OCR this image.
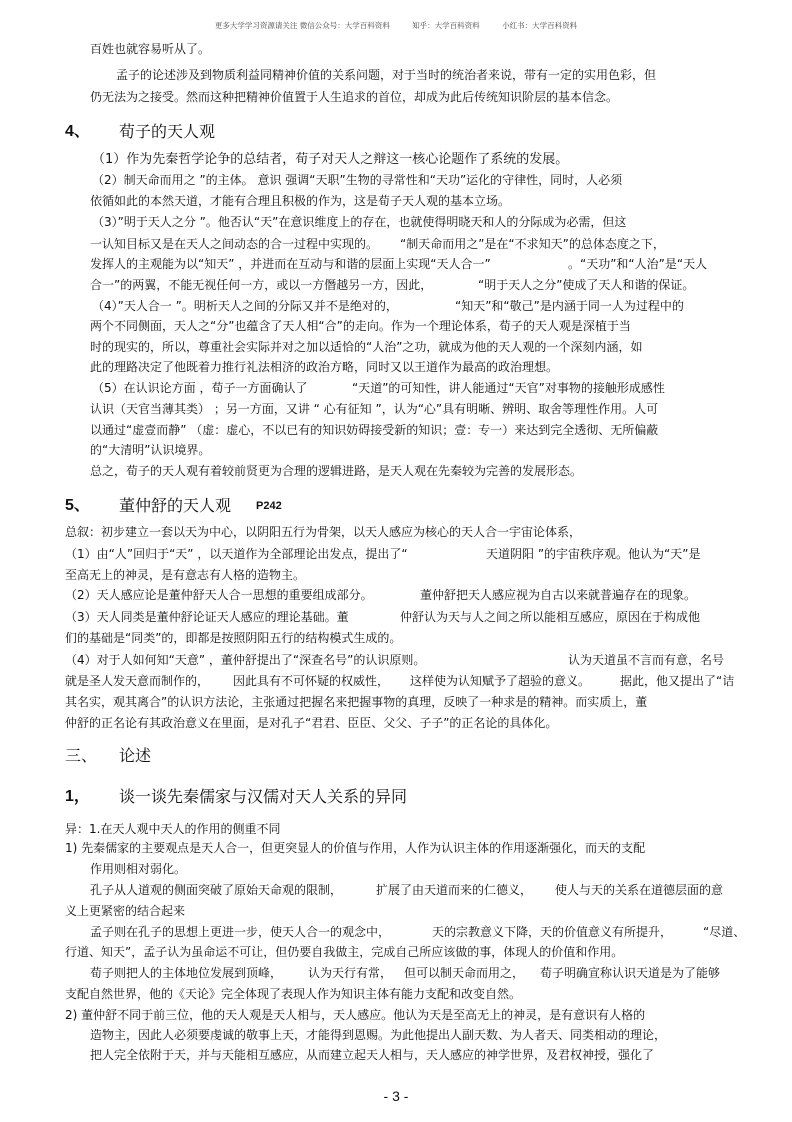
更多大学学习资源请关注 微信公众号：大学百科资料	知乎：大学百科资料	小红书：大学百科资料
百姓也就容易听从了。
孟子的论述涉及到物质利益同精神价值的关系问题，对于当时的统治者来说，带有一定的实用色彩，但
仍无法为之接受。然而这种把精神价值置于人生追求的首位，却成为此后传统知识阶层的基本信念。
4、 荀子的天人观
（1）作为先秦哲学论争的总结者，荀子对天人之辩这一核心论题作了系统的发展。
（2）制天命而用之 ”的主体。 意识 强调“天职”生物的寻常性和“天功”运化的守律性，同时，人必须
依循如此的本然天道，才能有合理且积极的作为，这是荀子天人观的基本立场。
（3）”明于天人之分 ”。他否认“天”在意识维度上的存在，也就使得明晓天和人的分际成为必需，但这
一认知目标又是在天人之间动态的合一过程中实现的。 “制天命而用之”是在“不求知天”的总体态度之下，
发挥人的主观能为以“知天” ，并进而在互动与和谐的层面上实现“天人合一”	。“天功”和“人治”是“天人
合一”的两翼，不能无视任何一方，或以一方僭越另一方，因此，	“明于天人之分”使成了天人和谐的保证。
（4）”天人合一 ”。明析天人之间的分际又并不是绝对的，	“知天”和“敬己”是内涵于同一人为过程中的
两个不同侧面，天人之“分”也蕴含了天人相“合”的走向。作为一个理论体系，荀子的天人观是深植于当
时的现实的，所以，尊重社会实际并对之加以适恰的“人治”之功，就成为他的天人观的一个深刻内涵，如
此的理路决定了他既着力推行礼法相济的政治方略，同时又以王道作为最高的政治理想。
（5）在认识论方面 ，荀子一方面确认了	“天道”的可知性，讲人能通过“天官”对事物的接触形成感性
认识（天官当薄其类） ；另一方面，又讲 “ 心有征知 ”，认为“心”具有明晰、辨明、取舍等理性作用。人可
以通过“虚壹而静” （虚：虚心，不以已有的知识妨碍接受新的知识；壹：专一）来达到完全透彻、无所偏蔽
的“大清明”认识境界。
总之，荀子的天人观有着较前贤更为合理的逻辑进路，是天人观在先秦较为完善的发展形态。
5、 董仲舒的天人观 P242
总叙：初步建立一套以天为中心，以阴阳五行为骨架，以天人感应为核心的天人合一宇宙论体系，
（1）由“人”回归于“天” ，以天道作为全部理论出发点，提出了“	天道阴阳 ”的宇宙秩序观。他认为“天”是
至高无上的神灵，是有意志有人格的造物主。
（2）天人感应论是董仲舒天人合一思想的重要组成部分。	董仲舒把天人感应视为自古以来就普遍存在的现象。
（3）天人同类是董仲舒论证天人感应的理论基础。董	仲舒认为天与人之间之所以能相互感应，原因在于构成他
们的基础是“同类”的，即都是按照阴阳五行的结构模式生成的。
（4）对于人如何知“天意” ，董仲舒提出了“深查名号”的认识原则。	认为天道虽不言而有意，名号
就是圣人发天意而制作的， 因此具有不可怀疑的权威性， 这样使为认知赋予了超验的意义。 据此，他又提出了“诘
其名实，观其离合”的认识方法论，主张通过把握名来把握事物的真理，反映了一种求是的精神。而实质上，董
仲舒的正名论有其政治意义在里面，是对孔子“君君、臣臣、父父、子子”的正名论的具体化。
三、 论述
1， 谈一谈先秦儒家与汉儒对天人关系的异同
异：1.在天人观中天人的作用的侧重不同
1) 先秦儒家的主要观点是天人合一，但更突显人的价值与作用，人作为认识主体的作用逐渐强化，而天的支配
作用则相对弱化。
孔子从人道观的侧面突破了原始天命观的限制，	扩展了由天道而来的仁德义， 使人与天的关系在道德层面的意
义上更紧密的结合起来
孟子则在孔子的思想上更进一步，使天人合一的观念中，	天的宗教意义下降，天的价值意义有所提升，	“尽道、
行道、知天”，孟子认为虽命运不可让，但仍要自我做主，完成自己所应该做的事，体现人的价值和作用。
荀子则把人的主体地位发展到顶峰， 认为天行有常， 但可以制天命而用之， 荀子明确宣称认识天道是为了能够
支配自然世界，他的《天论》完全体现了表现人作为知识主体有能力支配和改变自然。
2) 董仲舒不同于前三位，他的天人观是天人相与，天人感应。他认为天是至高无上的神灵，是有意识有人格的
造物主，因此人必须要虔诚的敬事上天，才能得到恩赐。为此他提出人副天数、为人者天、同类相动的理论，
把人完全依附于天，并与天能相互感应，从而建立起天人相与，天人感应的神学世界，及君权神授，强化了
- 3 -
